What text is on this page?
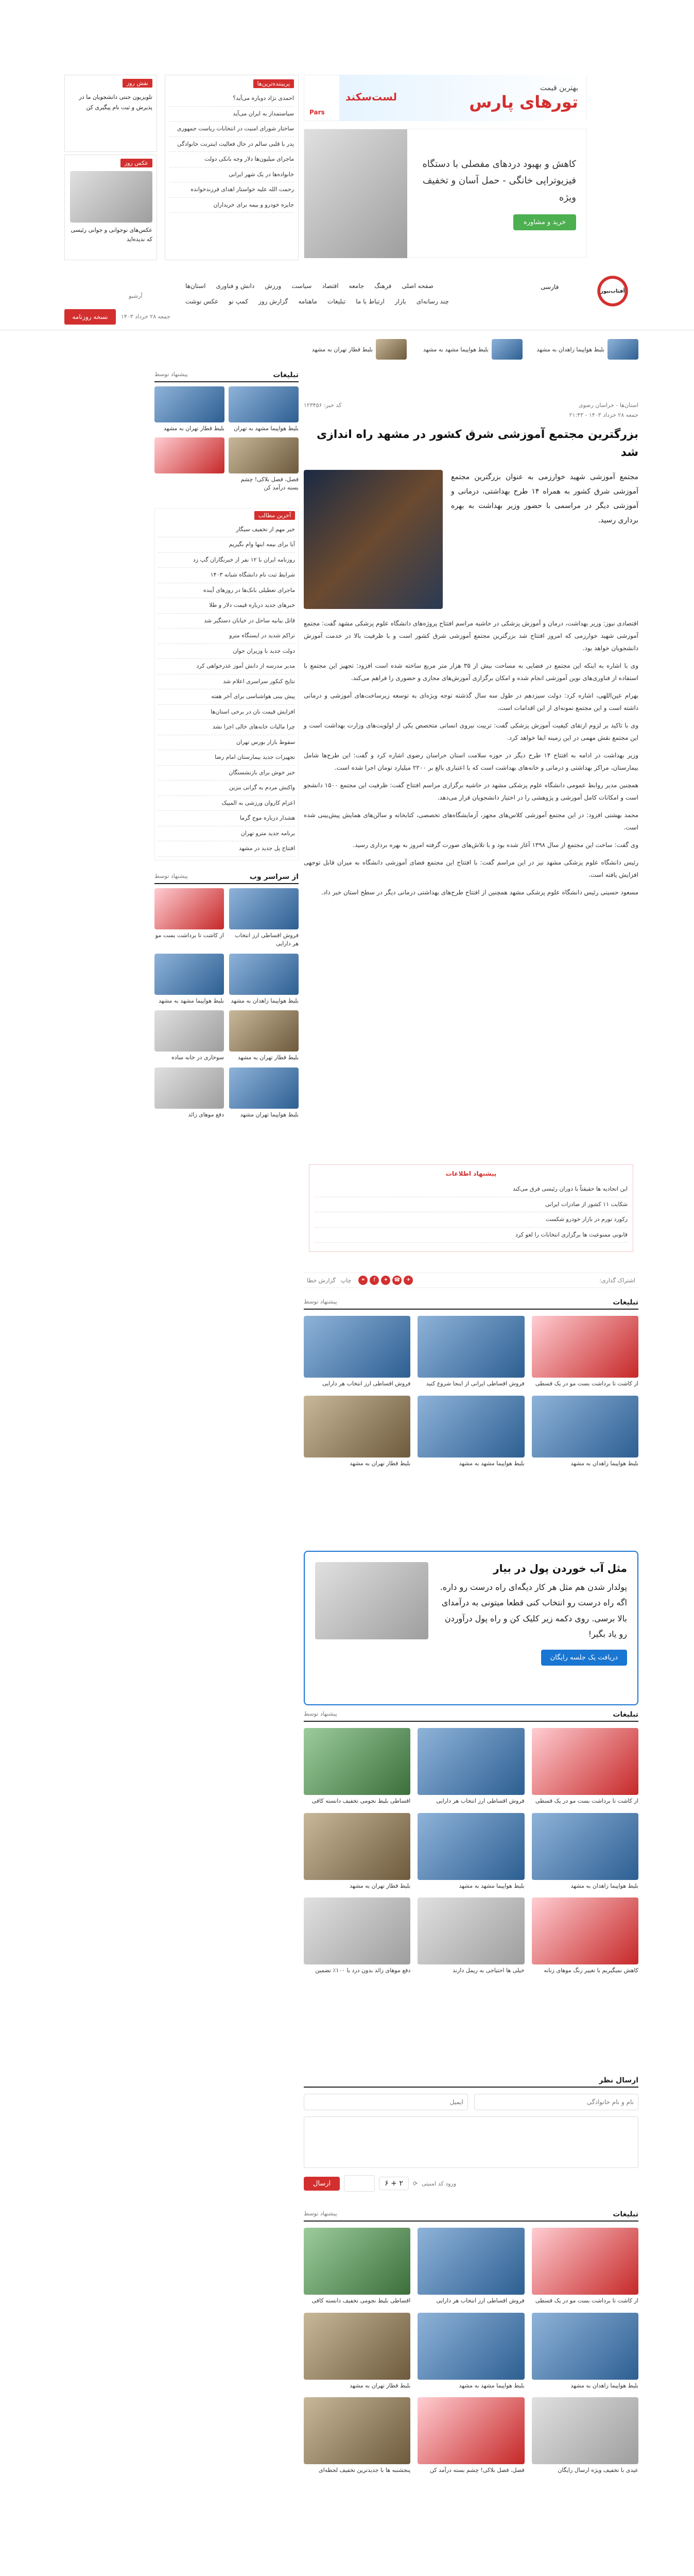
بهترین قیمت
تورهای پارس
لست‌سکند
Pars
پربیننده‌ترین‌ها
احمدی نژاد دوباره می‌آید؟
سیاستمدار به ایران می‌آید
ساختار شورای امنیت در انتخابات ریاست جمهوری
پدر با قلبی سالم در حال فعالیت اینترنت خانوادگی
ماجرای میلیون‌ها دلار وجه بانکی دولت
خانواده‌ها در یک شهر ایرانی
رحمت الله علیه خواستار اهدای فرزندخوانده
جایزه خودرو و بیمه برای خریداران
نقش روز
تلویزیون جنتی دانشجویان ما در پذیرش و ثبت نام ‌پیگیری کن
عکس روز
عکس‌های نوجوانی و جوانی رئیسی که ندیده‌اید
کاهش و بهبود دردهای مفصلی با دستگاه فیزیوتراپی خانگی - حمل آسان و تخفیف ویژه
خرید و مشاوره
آفتاب‌نیوز
فارسی
صفحه اصلی
فرهنگ
جامعه
اقتصاد
سیاست
ورزش
دانش و فناوری
استان‌ها
چند رسانه‌ای
بازار
ارتباط با ما
تبلیغات
ماهنامه
گزارش روز
کمپ نو
عکس نوشت
نسخه روزنامه	جمعه ۲۸ خرداد ۱۴۰۳
آرشیو
بلیط هواپیما زاهدان به مشهد
بلیط هواپیما مشهد به مشهد
بلیط قطار تهران به مشهد
استان‌ها - خراسان رضوی
کد خبر: ۱۲۳۴۵۶
جمعه ۲۸ خرداد ۱۴۰۳ - ۲۱:۴۳
بزرگترین مجتمع آموزشی شرق کشور در مشهد راه اندازی شد
مجتمع آموزشی شهید خوارزمی به عنوان بزرگترین مجتمع آموزشی شرق کشور به همراه ۱۴ طرح بهداشتی، درمانی و آموزشی دیگر در مراسمی با حضور وزیر بهداشت به بهره برداری رسید.

اقتصادی نیوز: وزیر بهداشت، درمان و آموزش پزشکی در حاشیه مراسم افتتاح پروژه‌های دانشگاه علوم پزشکی مشهد گفت: مجتمع آموزشی شهید خوارزمی که امروز افتتاح شد بزرگترین مجتمع آموزشی شرق کشور است و با ظرفیت بالا در خدمت آموزش دانشجویان خواهد بود.

وی با اشاره به اینکه این مجتمع در فضایی به مساحت بیش از ۳۵ هزار متر مربع ساخته شده است افزود: تجهیز این مجتمع با استفاده از فناوری‌های نوین آموزشی انجام شده و امکان برگزاری آموزش‌های مجازی و حضوری را فراهم می‌کند.

بهرام عین‌اللهی، اشاره کرد: دولت سیزدهم در طول سه سال گذشته توجه ویژه‌ای به توسعه زیرساخت‌های آموزشی و درمانی داشته است و این مجتمع نمونه‌ای از این اقدامات است.

وی با تاکید بر لزوم ارتقای کیفیت آموزش پزشکی گفت: تربیت نیروی انسانی متخصص یکی از اولویت‌های وزارت بهداشت است و این مجتمع نقش مهمی در این زمینه ایفا خواهد کرد.

وزیر بهداشت در ادامه به افتتاح ۱۴ طرح دیگر در حوزه سلامت استان خراسان رضوی اشاره کرد و گفت: این طرح‌ها شامل بیمارستان، مراکز بهداشتی و درمانی و خانه‌های بهداشت است که با اعتباری بالغ بر ۲۲۰۰ میلیارد تومان اجرا شده است.

همچنین مدیر روابط عمومی دانشگاه علوم پزشکی مشهد در حاشیه برگزاری مراسم افتتاح گفت: ظرفیت این مجتمع ۱۵۰۰ دانشجو است و امکانات کامل آموزشی و پژوهشی را در اختیار دانشجویان قرار می‌دهد.

محمد بهشتی افزود: در این مجتمع آموزشی کلاس‌های مجهز، آزمایشگاه‌های تخصصی، کتابخانه و سالن‌های همایش پیش‌بینی شده است.

وی گفت: ساخت این مجتمع از سال ۱۳۹۸ آغاز شده بود و با تلاش‌های صورت گرفته امروز به بهره برداری رسید.

رئیس دانشگاه علوم پزشکی مشهد نیز در این مراسم گفت: با افتتاح این مجتمع فضای آموزشی دانشگاه به میزان قابل توجهی افزایش یافته است.

مسعود حسینی رئیس دانشگاه علوم پزشکی مشهد همچنین از افتتاح طرح‌های بهداشتی درمانی دیگر در سطح استان خبر داد.

پیشنهاد اطلاعات
این اتحادیه ها حقیقتاً با دوران رئیسی فرق می‌کند
شکایت ۱۱ کشور از صادرات ایرانی
رکورد تورم در بازار خودرو شکست
قانونی ممنوعیت ها برگزاری انتخابات را لغو کرد
اشتراک گذاری:
✈
☎
✦
f
⚭
چاپ
گزارش خطا
تبلیغات
پیشنهاد توسط
از کاشت تا برداشت بست مو در یک قسطی
فروش اقساطی ایرانی از اینجا شروع کنید
فروش اقساطی ارز انتخاب هر دارایی
بلیط هواپیما زاهدان به مشهد
بلیط هواپیما مشهد به مشهد
بلیط قطار تهران به مشهد
مثل آب خوردن پول در بیار
پولدار شدن هم مثل هر کار دیگه‌ای راه درست رو داره. اگه راه درست رو انتخاب کنی قطعا میتونی به درآمدای بالا برسی. روی دکمه زیر کلیک کن و راه پول درآوردن رو یاد بگیر!
دریافت یک جلسه رایگان
تبلیغات
پیشنهاد توسط
از کاشت تا برداشت بست مو در یک قسطی
فروش اقساطی ارز انتخاب هر دارایی
اقساطی بلیط نجومی تخفیف دانسته کافی
بلیط هواپیما زاهدان به مشهد
بلیط هواپیما مشهد به مشهد
بلیط قطار تهران به مشهد
کاهش نمیگیریم با تغییر رنگ موهای زنانه
خیلی ها احتیاجی به ریمل دارند
دفع موهای زائد بدون درد با ۱۰۰٪ تضمین
ارسال نظر
نام و نام خانوادگی
ایمیل
ورود کد امنیتی
⟳
۲ + ۶
ارسال
تبلیغات
پیشنهاد توسط
از کاشت تا برداشت بست مو در یک قسطی
فروش اقساطی ارز انتخاب هر دارایی
اقساطی بلیط نجومی تخفیف دانسته کافی
بلیط هواپیما زاهدان به مشهد
بلیط هواپیما مشهد به مشهد
بلیط قطار تهران به مشهد
عیدی با تخفیف ویژه ارسال رایگان
فصل، فصل بلاکی! چشم بسته درآمد کن
پنجشنبه ها با جدیدترین تخفیف لحظه‌ای
تبلیغات
پیشنهاد توسط
بلیط هواپیما مشهد به تهران
بلیط قطار تهران به مشهد
فصل، فصل بلاکی! چشم بسته درآمد کن
آخرین مطالب
خبر مهم از تخفیف سیگار
آیا برای بیمه اینها وام بگیریم
روزنامه ایران با ۱۲ نفر از خبرنگاران گپ زد
شرایط ثبت نام دانشگاه شبانه ۱۴۰۳
ماجرای تعطیلی بانک‌ها در روزهای آینده
خبرهای جدید درباره قیمت دلار و طلا
قاتل بیانیه ساحل در خیابان دستگیر شد
تراکم شدید در ایستگاه مترو
دولت جدید با وزیران جوان
مدیر مدرسه از دانش آموز عذرخواهی کرد
نتایج کنکور سراسری اعلام شد
پیش بینی هواشناسی برای آخر هفته
افزایش قیمت نان در برخی استان‌ها
چرا مالیات خانه‌های خالی اجرا نشد
سقوط بازار بورس تهران
تجهیزات جدید بیمارستان امام رضا
خبر خوش برای بازنشستگان
واکنش مردم به گرانی بنزین
اعزام کاروان ورزشی به المپیک
هشدار درباره موج گرما
برنامه جدید مترو تهران
افتتاح پل جدید در مشهد
از سراسر وب
پیشنهاد توسط
فروش اقساطی ارز انتخاب هر دارایی
از کاشت تا برداشت بست مو
بلیط هواپیما زاهدان به مشهد
بلیط هواپیما مشهد به مشهد
بلیط قطار تهران به مشهد
سوخاری در خانه ساده
بلیط هواپیما تهران مشهد
دفع موهای زائد
